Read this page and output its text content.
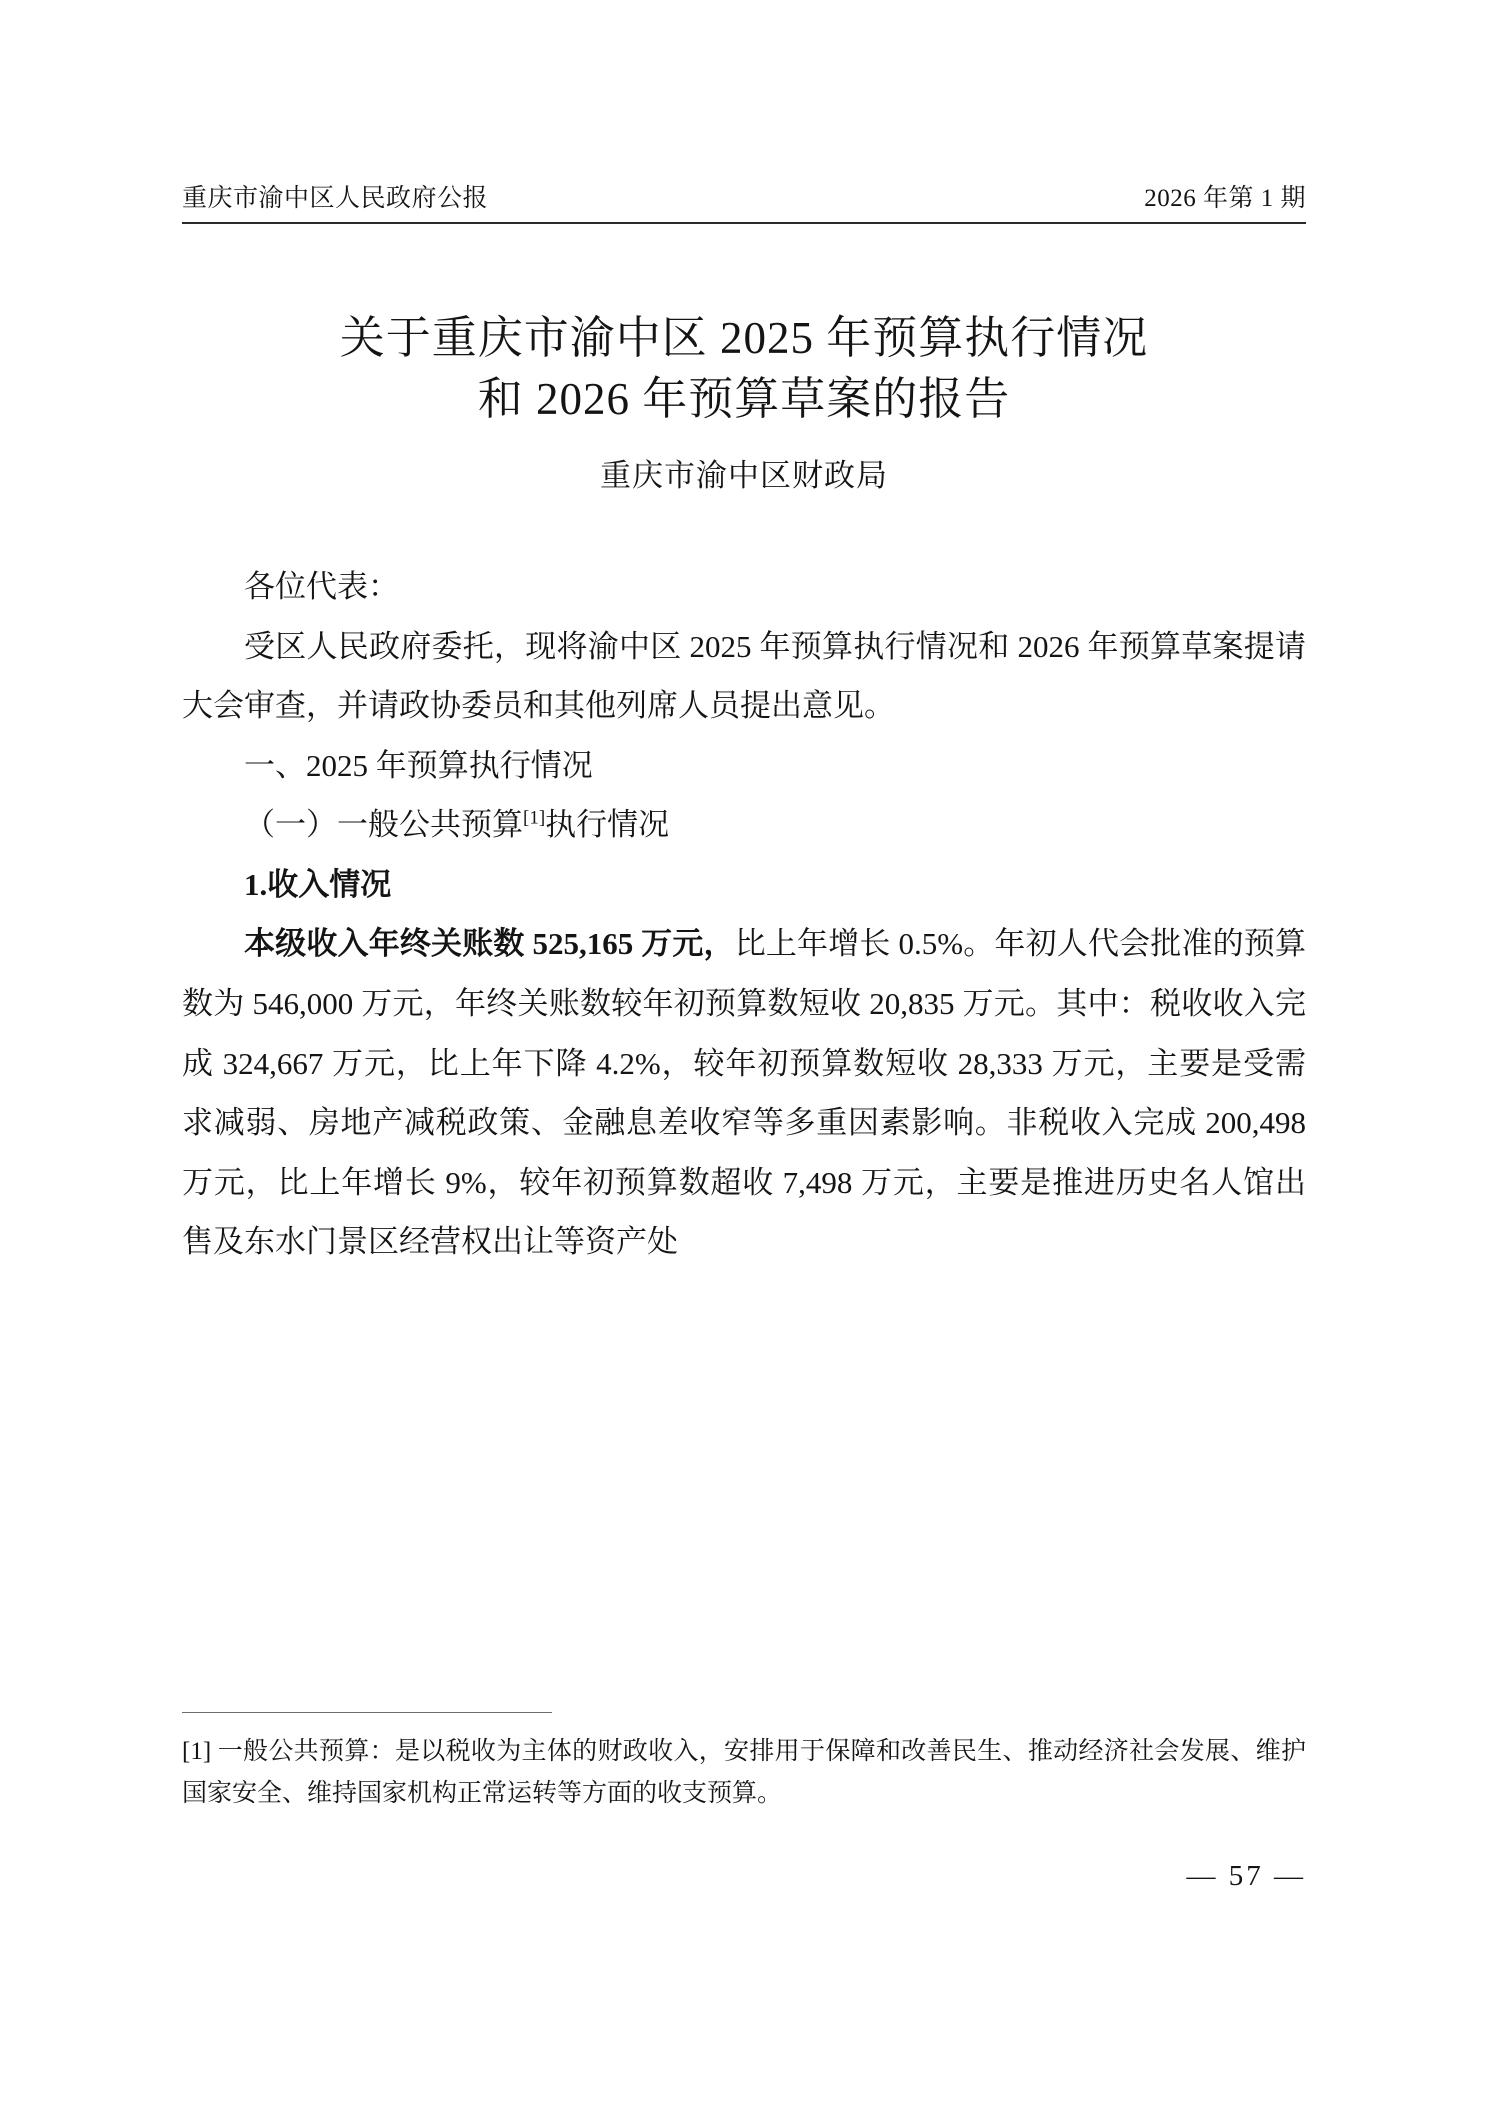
重庆市渝中区人民政府公报	2026 年第 1 期
关于重庆市渝中区 2025 年预算执行情况
和 2026 年预算草案的报告
重庆市渝中区财政局

各位代表：

受区人民政府委托，现将渝中区 2025 年预算执行情况和 2026 年预算草案提请大会审查，并请政协委员和其他列席人员提出意见。

一、2025 年预算执行情况

（一）一般公共预算[1]执行情况

1.收入情况

本级收入年终关账数 525,165 万元，比上年增长 0.5%。年初人代会批准的预算数为 546,000 万元，年终关账数较年初预算数短收 20,835 万元。其中：税收收入完成 324,667 万元，比上年下降 4.2%，较年初预算数短收 28,333 万元，主要是受需求减弱、房地产减税政策、金融息差收窄等多重因素影响。非税收入完成 200,498 万元，比上年增长 9%，较年初预算数超收 7,498 万元，主要是推进历史名人馆出售及东水门景区经营权出让等资产处

[1] 一般公共预算：是以税收为主体的财政收入，安排用于保障和改善民生、推动经济社会发展、维护国家安全、维持国家机构正常运转等方面的收支预算。
— 57 —
